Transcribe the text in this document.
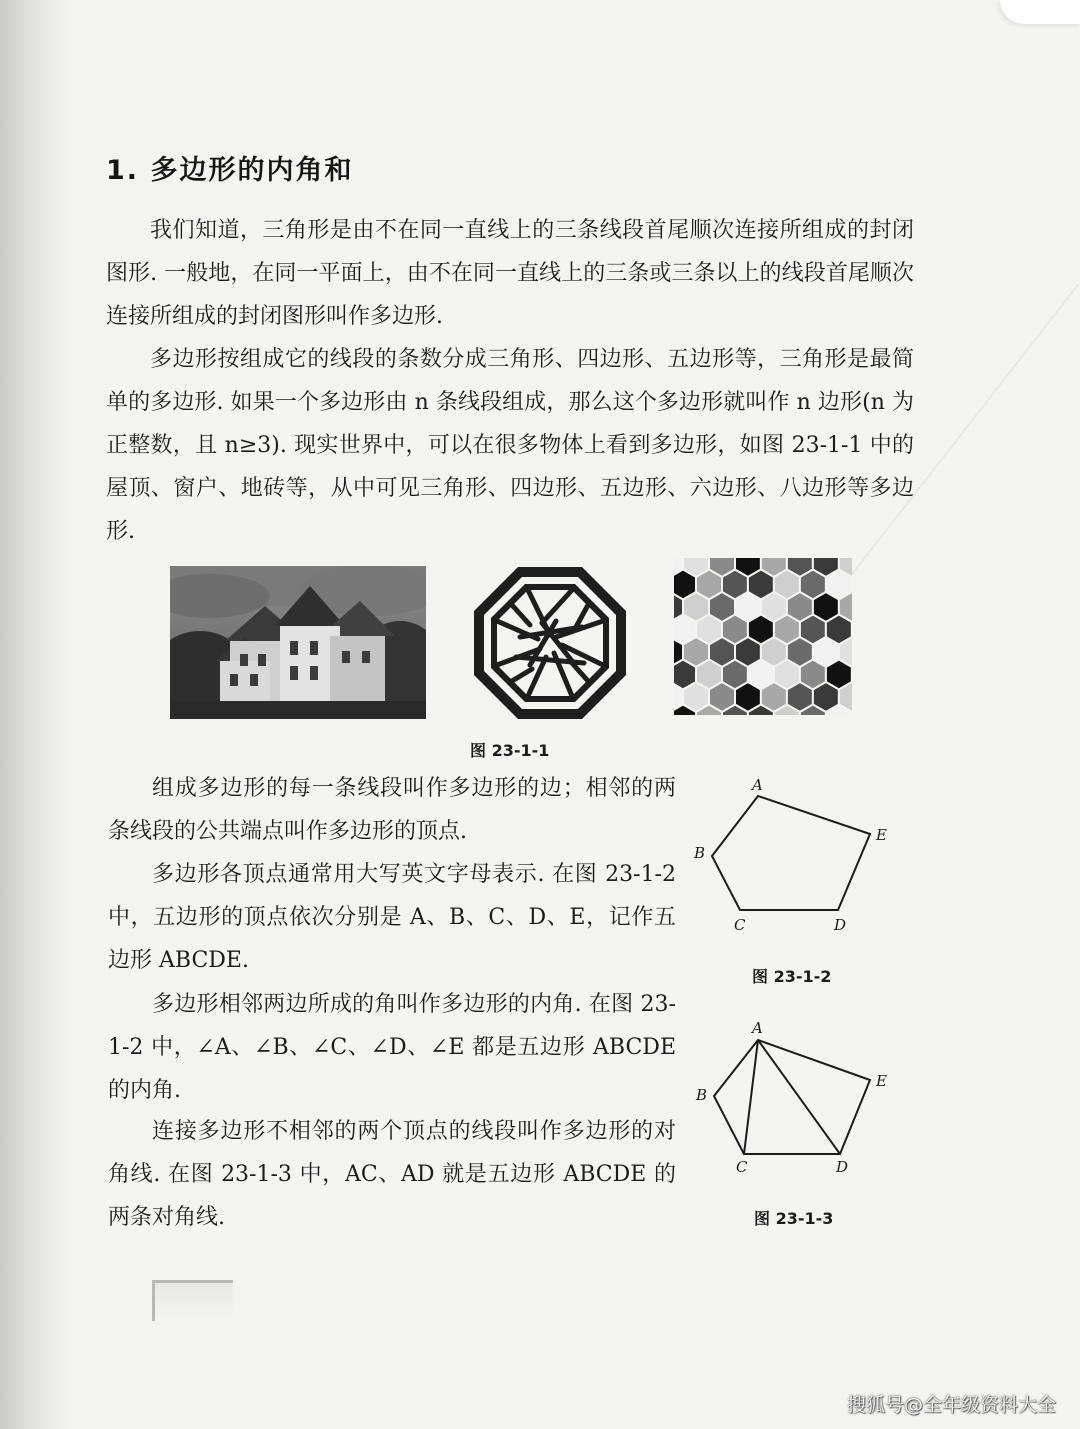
1. 多边形的内角和

我们知道，三角形是由不在同一直线上的三条线段首尾顺次连接所组成的封闭图形. 一般地，在同一平面上，由不在同一直线上的三条或三条以上的线段首尾顺次连接所组成的封闭图形叫作多边形.

多边形按组成它的线段的条数分成三角形、四边形、五边形等，三角形是最简单的多边形. 如果一个多边形由 n 条线段组成，那么这个多边形就叫作 n 边形(n 为正整数，且 n≥3). 现实世界中，可以在很多物体上看到多边形，如图 23-1-1 中的屋顶、窗户、地砖等，从中可见三角形、四边形、五边形、六边形、八边形等多边形.

图 23-1-1

组成多边形的每一条线段叫作多边形的边；相邻的两条线段的公共端点叫作多边形的顶点.

多边形各顶点通常用大写英文字母表示. 在图 23-1-2 中，五边形的顶点依次分别是 A、B、C、D、E，记作五边形 ABCDE.

多边形相邻两边所成的角叫作多边形的内角. 在图 23-1-2 中，∠A、∠B、∠C、∠D、∠E 都是五边形 ABCDE 的内角.

连接多边形不相邻的两个顶点的线段叫作多边形的对角线. 在图 23-1-3 中，AC、AD 就是五边形 ABCDE 的两条对角线.

A
B
C	D
E

图 23-1-2

A
B
C	D
E

图 23-1-3

搜狐号@全年级资料大全
